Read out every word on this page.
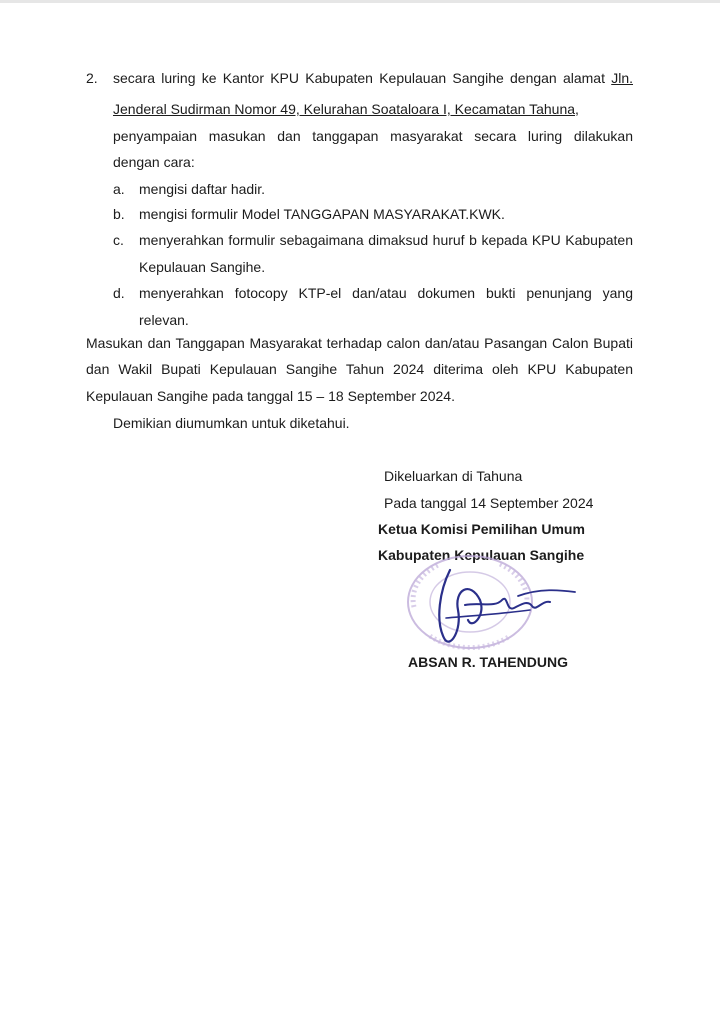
2. secara luring ke Kantor KPU Kabupaten Kepulauan Sangihe dengan alamat Jln.
Jenderal Sudirman Nomor 49, Kelurahan Soataloara I, Kecamatan Tahuna,
penyampaian masukan dan tanggapan masyarakat secara luring dilakukan
dengan cara:
a. mengisi daftar hadir.
b. mengisi formulir Model TANGGAPAN MASYARAKAT.KWK.
c. menyerahkan formulir sebagaimana dimaksud huruf b kepada KPU Kabupaten
Kepulauan Sangihe.
d. menyerahkan fotocopy KTP-el dan/atau dokumen bukti penunjang yang
relevan.
Masukan dan Tanggapan Masyarakat terhadap calon dan/atau Pasangan Calon Bupati
dan Wakil Bupati Kepulauan Sangihe Tahun 2024 diterima oleh KPU Kabupaten
Kepulauan Sangihe pada tanggal 15 – 18 September 2024.
Demikian diumumkan untuk diketahui.
Dikeluarkan di Tahuna
Pada tanggal 14 September 2024
Ketua Komisi Pemilihan Umum
Kabupaten Kepulauan Sangihe
ABSAN R. TAHENDUNG
